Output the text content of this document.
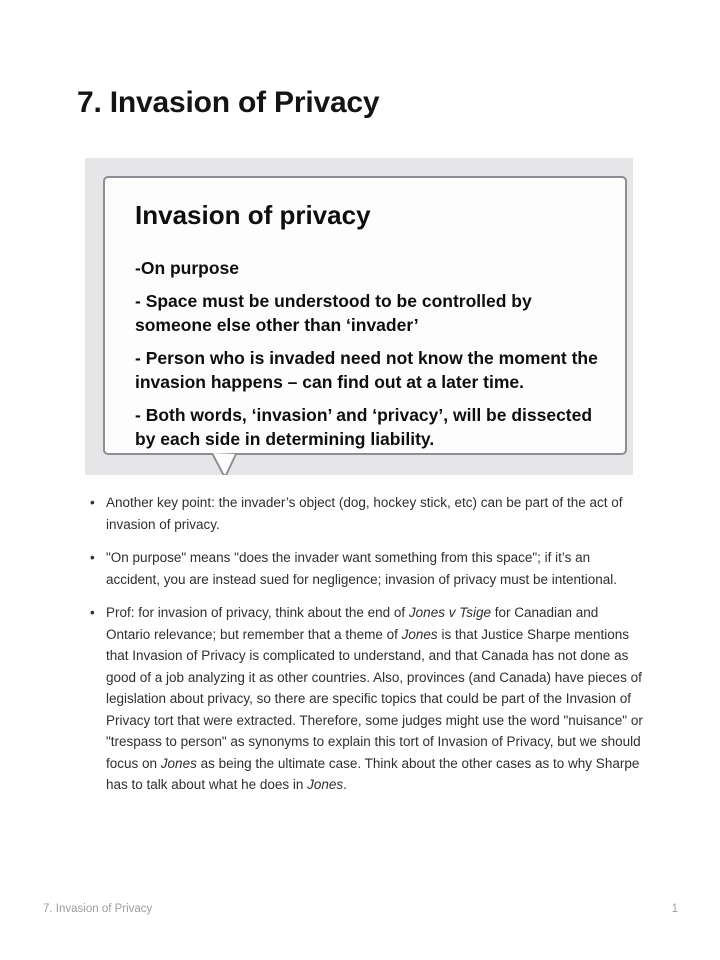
7. Invasion of Privacy
Invasion of privacy

-On purpose

- Space must be understood to be controlled by someone else other than ‘invader’

- Person who is invaded need not know the moment the invasion happens – can find out at a later time.

- Both words, ‘invasion’ and ‘privacy’, will be dissected by each side in determining liability.

• Another key point: the invader’s object (dog, hockey stick, etc) can be part of the act of invasion of privacy.
• "On purpose" means "does the invader want something from this space"; if it’s an accident, you are instead sued for negligence; invasion of privacy must be intentional.
• Prof: for invasion of privacy, think about the end of Jones v Tsige for Canadian and Ontario relevance; but remember that a theme of Jones is that Justice Sharpe mentions that Invasion of Privacy is complicated to understand, and that Canada has not done as good of a job analyzing it as other countries. Also, provinces (and Canada) have pieces of legislation about privacy, so there are specific topics that could be part of the Invasion of Privacy tort that were extracted. Therefore, some judges might use the word "nuisance" or "trespass to person" as synonyms to explain this tort of Invasion of Privacy, but we should focus on Jones as being the ultimate case. Think about the other cases as to why Sharpe has to talk about what he does in Jones.
7. Invasion of Privacy	1
